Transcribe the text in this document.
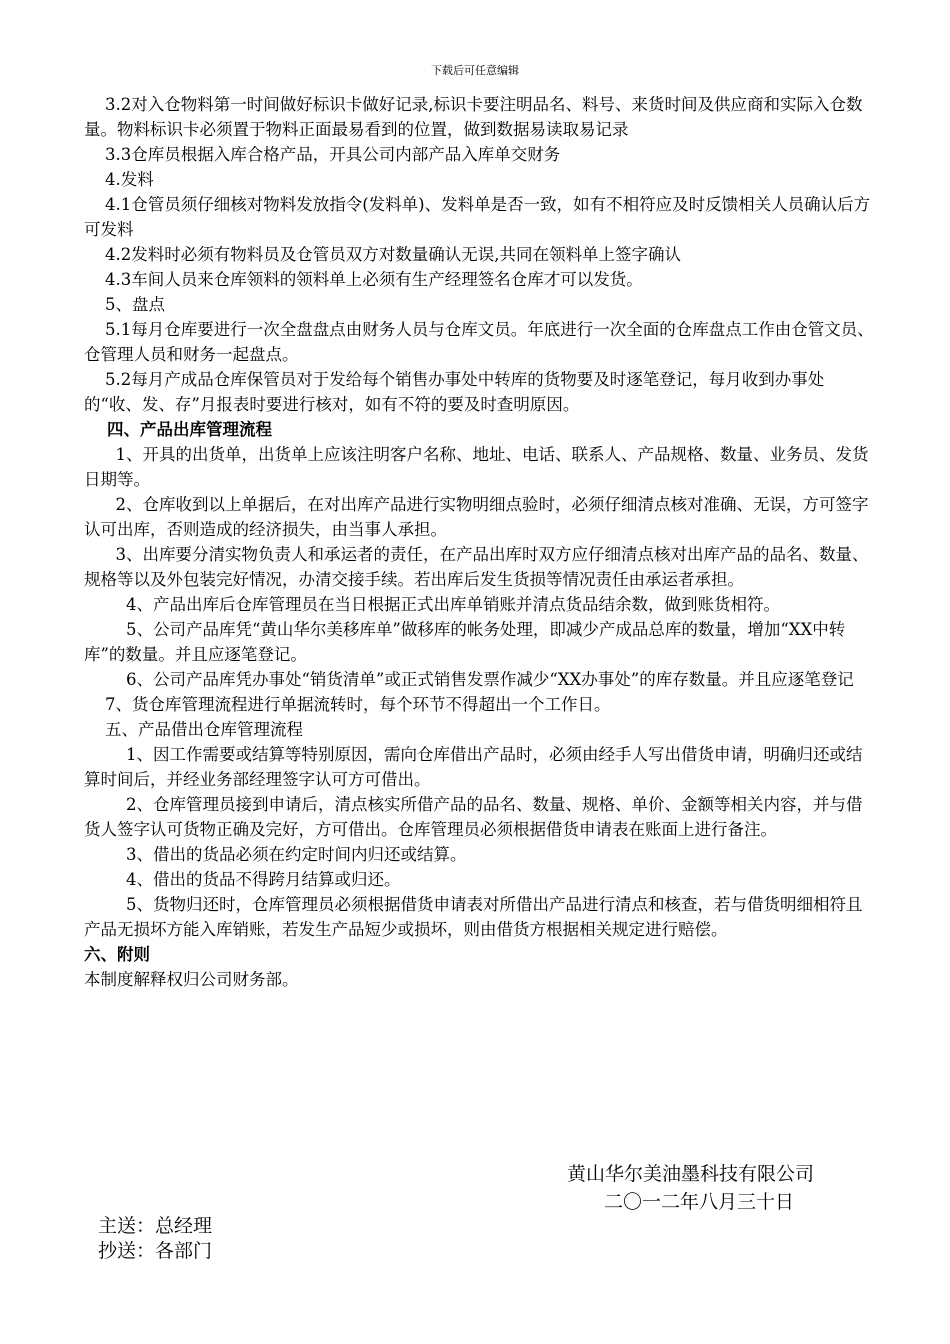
下载后可任意编辑

3.2对入仓物料第一时间做好标识卡做好记录,标识卡要注明品名、料号、来货时间及供应商和实际入仓数量。物料标识卡必须置于物料正面最易看到的位置，做到数据易读取易记录

3.3仓库员根据入库合格产品，开具公司内部产品入库单交财务

4.发料

4.1仓管员须仔细核对物料发放指令(发料单)、发料单是否一致，如有不相符应及时反馈相关人员确认后方可发料

4.2发料时必须有物料员及仓管员双方对数量确认无误,共同在领料单上签字确认

4.3车间人员来仓库领料的领料单上必须有生产经理签名仓库才可以发货。

5、盘点

5.1每月仓库要进行一次全盘盘点由财务人员与仓库文员。年底进行一次全面的仓库盘点工作由仓管文员、仓管理人员和财务一起盘点。

5.2每月产成品仓库保管员对于发给每个销售办事处中转库的货物要及时逐笔登记，每月收到办事处的“收、发、存”月报表时要进行核对，如有不符的要及时查明原因。

四、产品出库管理流程

1、开具的出货单，出货单上应该注明客户名称、地址、电话、联系人、产品规格、数量、业务员、发货日期等。

2、仓库收到以上单据后，在对出库产品进行实物明细点验时，必须仔细清点核对准确、无误，方可签字认可出库，否则造成的经济损失，由当事人承担。

3、出库要分清实物负责人和承运者的责任，在产品出库时双方应仔细清点核对出库产品的品名、数量、规格等以及外包装完好情况，办清交接手续。若出库后发生货损等情况责任由承运者承担。

4、产品出库后仓库管理员在当日根据正式出库单销账并清点货品结余数，做到账货相符。

5、公司产品库凭“黄山华尔美移库单”做移库的帐务处理，即减少产成品总库的数量，增加“XX中转库”的数量。并且应逐笔登记。

6、公司产品库凭办事处“销货清单”或正式销售发票作减少“XX办事处”的库存数量。并且应逐笔登记

7、货仓库管理流程进行单据流转时，每个环节不得超出一个工作日。

五、产品借出仓库管理流程

1、因工作需要或结算等特别原因，需向仓库借出产品时，必须由经手人写出借货申请，明确归还或结算时间后，并经业务部经理签字认可方可借出。

2、仓库管理员接到申请后，清点核实所借产品的品名、数量、规格、单价、金额等相关内容，并与借货人签字认可货物正确及完好，方可借出。仓库管理员必须根据借货申请表在账面上进行备注。

3、借出的货品必须在约定时间内归还或结算。

4、借出的货品不得跨月结算或归还。

5、货物归还时，仓库管理员必须根据借货申请表对所借出产品进行清点和核查，若与借货明细相符且产品无损坏方能入库销账，若发生产品短少或损坏，则由借货方根据相关规定进行赔偿。

六、附则

本制度解释权归公司财务部。

黄山华尔美油墨科技有限公司
二〇一二年八月三十日
主送：总经理
抄送：各部门
